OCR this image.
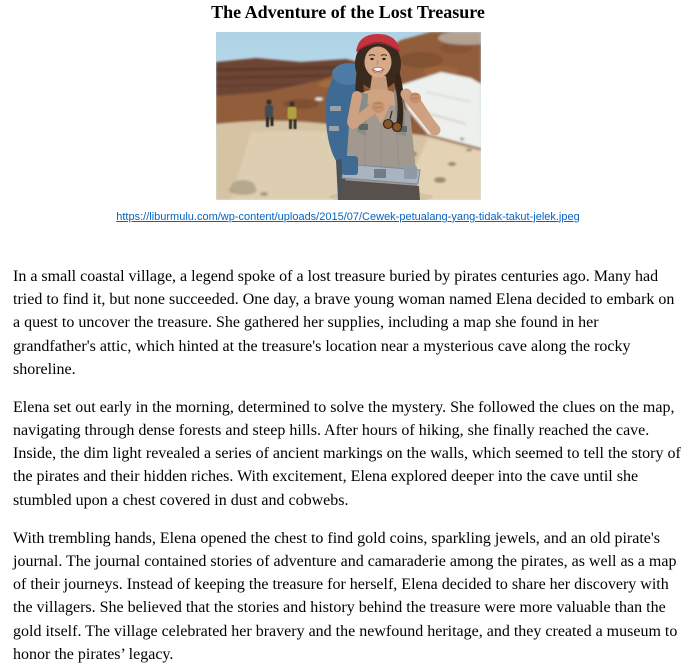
The Adventure of the Lost Treasure
https://liburmulu.com/wp-content/uploads/2015/07/Cewek-petualang-yang-tidak-takut-jelek.jpeg

In a small coastal village, a legend spoke of a lost treasure buried by pirates centuries ago. Many had tried to find it, but none succeeded. One day, a brave young woman named Elena decided to embark on a quest to uncover the treasure. She gathered her supplies, including a map she found in her grandfather's attic, which hinted at the treasure's location near a mysterious cave along the rocky shoreline.

Elena set out early in the morning, determined to solve the mystery. She followed the clues on the map, navigating through dense forests and steep hills. After hours of hiking, she finally reached the cave. Inside, the dim light revealed a series of ancient markings on the walls, which seemed to tell the story of the pirates and their hidden riches. With excitement, Elena explored deeper into the cave until she stumbled upon a chest covered in dust and cobwebs.

With trembling hands, Elena opened the chest to find gold coins, sparkling jewels, and an old pirate's journal. The journal contained stories of adventure and camaraderie among the pirates, as well as a map of their journeys. Instead of keeping the treasure for herself, Elena decided to share her discovery with the villagers. She believed that the stories and history behind the treasure were more valuable than the gold itself. The village celebrated her bravery and the newfound heritage, and they created a museum to honor the pirates’ legacy.
